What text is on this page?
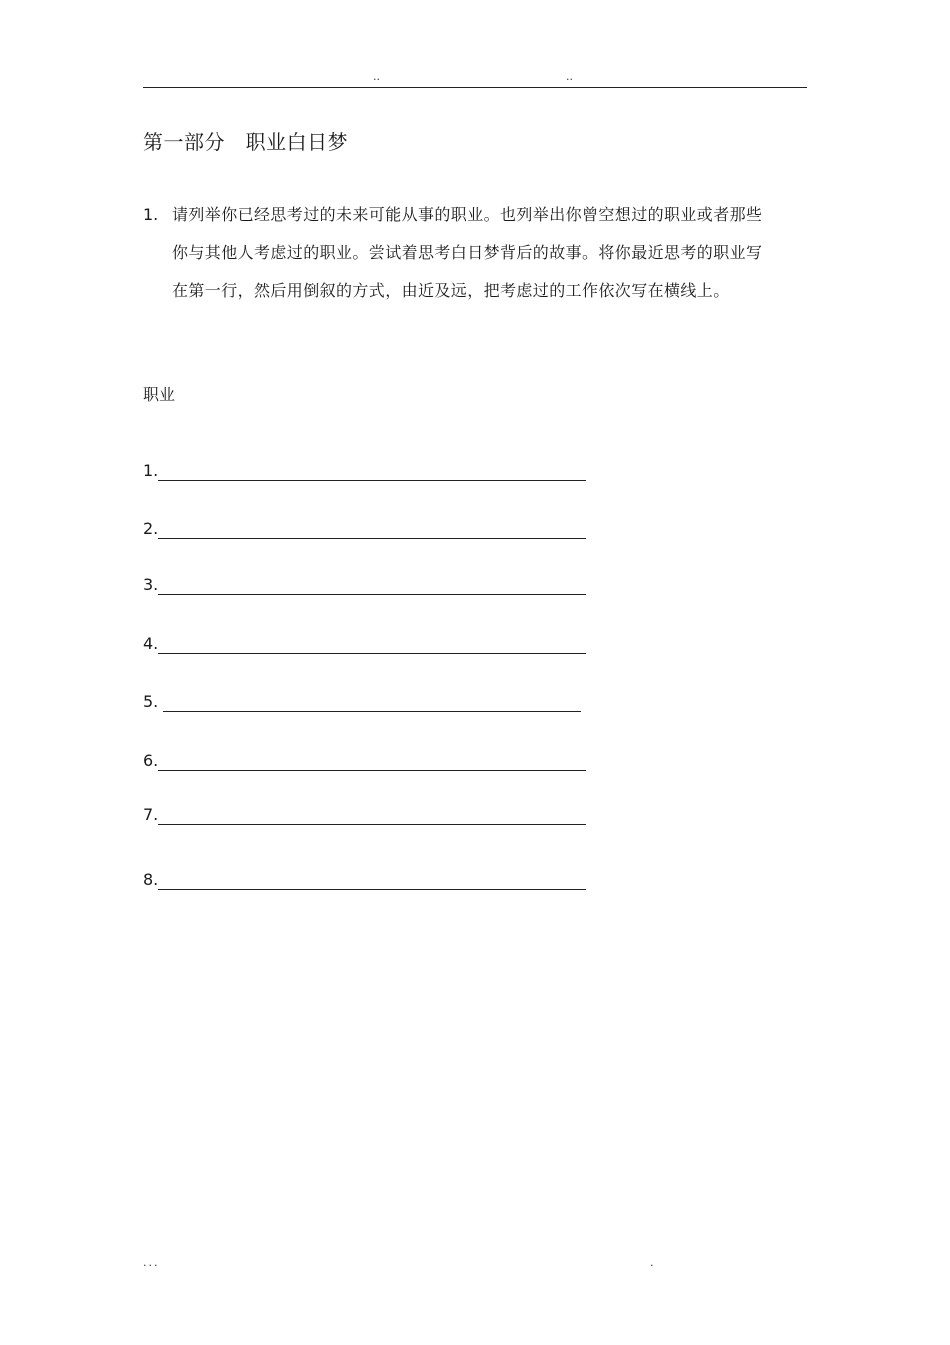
..	..
第一部分   职业白日梦
1. 请列举你已经思考过的未来可能从事的职业。也列举出你曾空想过的职业或者那些你与其他人考虑过的职业。尝试着思考白日梦背后的故事。将你最近思考的职业写在第一行，然后用倒叙的方式，由近及远，把考虑过的工作依次写在横线上。
职业
1.
2.
3.
4.
5.
6.
7.
8.
...	.
